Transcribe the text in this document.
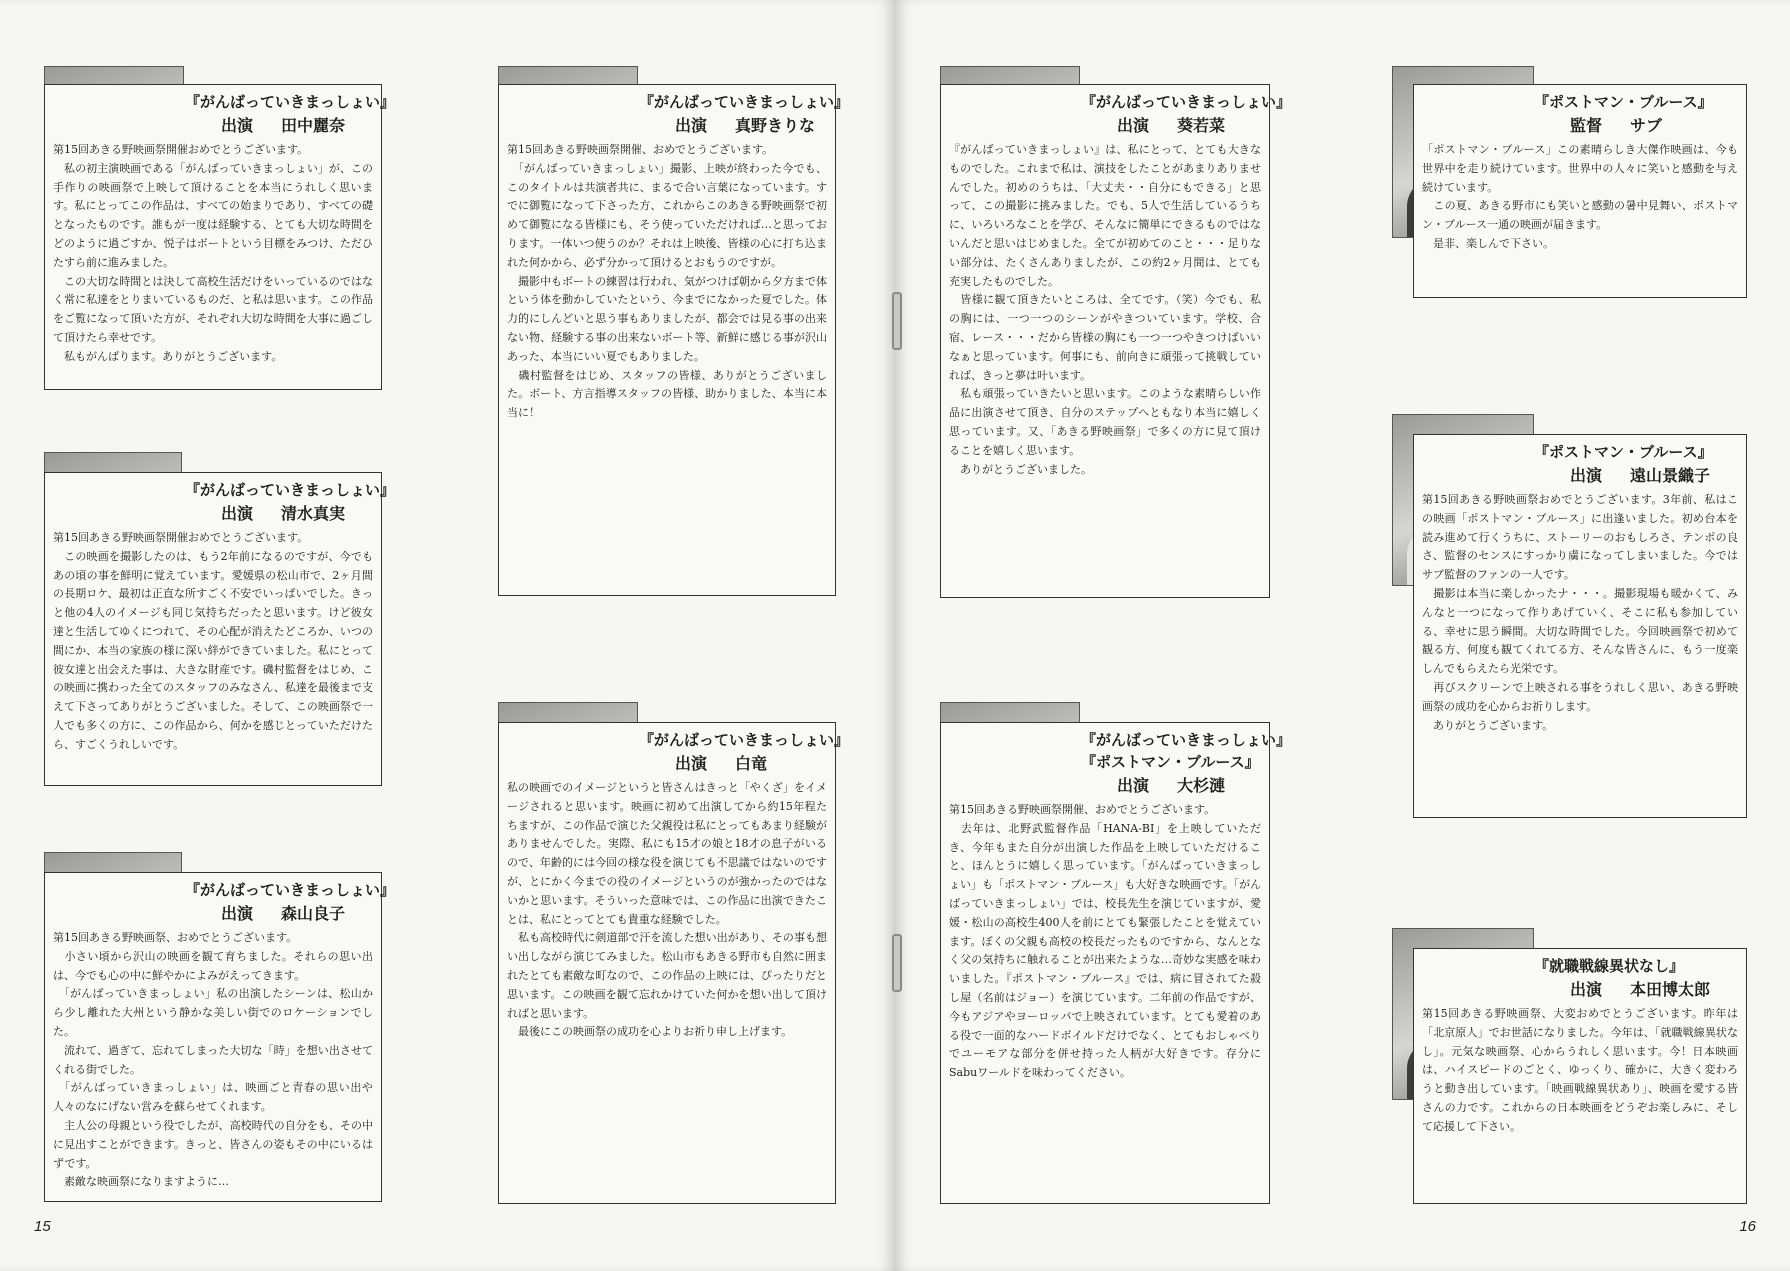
『がんばっていきまっしょい』
出演 田中麗奈
第15回あきる野映画祭開催おめでとうございます。
　私の初主演映画である「がんばっていきまっしょい」が、この手作りの映画祭で上映して頂けることを本当にうれしく思います。私にとってこの作品は、すべての始まりであり、すべての礎となったものです。誰もが一度は経験する、とても大切な時間をどのように過ごすか、悦子はボートという目標をみつけ、ただひたすら前に進みました。
　この大切な時間とは決して高校生活だけをいっているのではなく常に私達をとりまいているものだ、と私は思います。この作品をご覧になって頂いた方が、それぞれ大切な時間を大事に過ごして頂けたら幸せです。
　私もがんばります。ありがとうございます。
『がんばっていきまっしょい』
出演 清水真実
第15回あきる野映画祭開催おめでとうございます。
　この映画を撮影したのは、もう2年前になるのですが、今でもあの頃の事を鮮明に覚えています。愛媛県の松山市で、2ヶ月間の長期ロケ、最初は正直な所すごく不安でいっぱいでした。きっと他の4人のイメージも同じ気持ちだったと思います。けど彼女達と生活してゆくにつれて、その心配が消えたどころか、いつの間にか、本当の家族の様に深い絆ができていました。私にとって彼女達と出会えた事は、大きな財産です。磯村監督をはじめ、この映画に携わった全てのスタッフのみなさん、私達を最後まで支えて下さってありがとうございました。そして、この映画祭で一人でも多くの方に、この作品から、何かを感じとっていただけたら、すごくうれしいです。
『がんばっていきまっしょい』
出演 森山良子
第15回あきる野映画祭、おめでとうございます。
　小さい頃から沢山の映画を観て育ちました。それらの思い出は、今でも心の中に鮮やかによみがえってきます。
　「がんばっていきまっしょい」私の出演したシーンは、松山から少し離れた大州という静かな美しい街でのロケーションでした。
　流れて、過ぎて、忘れてしまった大切な「時」を想い出させてくれる街でした。
　「がんばっていきまっしょい」は、映画ごと青春の思い出や人々のなにげない営みを蘇らせてくれます。
　主人公の母親という役でしたが、高校時代の自分をも、その中に見出すことができます。きっと、皆さんの姿もその中にいるはずです。
　素敵な映画祭になりますように…
『がんばっていきまっしょい』
出演 真野きりな
第15回あきる野映画祭開催、おめでとうございます。
　「がんばっていきまっしょい」撮影、上映が終わった今でも、このタイトルは共演者共に、まるで合い言葉になっています。すでに御覧になって下さった方、これからこのあきる野映画祭で初めて御覧になる皆様にも、そう使っていただければ…と思っております。一体いつ使うのか？それは上映後、皆様の心に打ち込まれた何かから、必ず分かって頂けるとおもうのですが。
　撮影中もボートの練習は行われ、気がつけば朝から夕方まで体という体を動かしていたという、今までになかった夏でした。体力的にしんどいと思う事もありましたが、都会では見る事の出来ない物、経験する事の出来ないボート等、新鮮に感じる事が沢山あった、本当にいい夏でもありました。
　磯村監督をはじめ、スタッフの皆様、ありがとうございました。ボート、方言指導スタッフの皆様、助かりました、本当に本当に！
『がんばっていきまっしょい』
出演 白竜
私の映画でのイメージというと皆さんはきっと「やくざ」をイメージされると思います。映画に初めて出演してから約15年程たちますが、この作品で演じた父親役は私にとってもあまり経験がありませんでした。実際、私にも15才の娘と18才の息子がいるので、年齢的には今回の様な役を演じても不思議ではないのですが、とにかく今までの役のイメージというのが強かったのではないかと思います。そういった意味では、この作品に出演できたことは、私にとってとても貴重な経験でした。
　私も高校時代に剣道部で汗を流した想い出があり、その事も想い出しながら演じてみました。松山市もあきる野市も自然に囲まれたとても素敵な町なので、この作品の上映には、ぴったりだと思います。この映画を観て忘れかけていた何かを想い出して頂ければと思います。
　最後にこの映画祭の成功を心よりお祈り申し上げます。
15
『がんばっていきまっしょい』
出演 葵若菜
『がんばっていきまっしょい』は、私にとって、とても大きなものでした。これまで私は、演技をしたことがあまりありませんでした。初めのうちは、「大丈夫・・自分にもできる」と思って、この撮影に挑みました。でも、5人で生活しているうちに、いろいろなことを学び、そんなに簡単にできるものではないんだと思いはじめました。全てが初めてのこと・・・足りない部分は、たくさんありましたが、この約2ヶ月間は、とても充実したものでした。
　皆様に観て頂きたいところは、全てです。（笑）今でも、私の胸には、一つ一つのシーンがやきついています。学校、合宿、レース・・・だから皆様の胸にも一つ一つやきつけばいいなぁと思っています。何事にも、前向きに頑張って挑戦していれば、きっと夢は叶います。
　私も頑張っていきたいと思います。このような素晴らしい作品に出演させて頂き、自分のステップへともなり本当に嬉しく思っています。又、「あきる野映画祭」で多くの方に見て頂けることを嬉しく思います。
　ありがとうございました。
『がんばっていきまっしょい』
『ポストマン・ブルース』
出演 大杉漣
第15回あきる野映画祭開催、おめでとうございます。
　去年は、北野武監督作品「HANA-BI」を上映していただき、今年もまた自分が出演した作品を上映していただけること、ほんとうに嬉しく思っています。「がんばっていきまっしょい」も「ポストマン・ブルース」も大好きな映画です。「がんばっていきまっしょい」では、校長先生を演じていますが、愛媛・松山の高校生400人を前にとても緊張したことを覚えています。ぼくの父親も高校の校長だったものですから、なんとなく父の気持ちに触れることが出来たような…奇妙な実感を味わいました。『ポストマン・ブルース』では、病に冒されてた殺し屋（名前はジョー）を演じています。二年前の作品ですが、今もアジアやヨーロッパで上映されています。とても愛着のある役で一面的なハードボイルドだけでなく、とてもおしゃべりでユーモアな部分を併せ持った人柄が大好きです。存分にSabuワールドを味わってください。
『ポストマン・ブルース』
監督 サブ
「ポストマン・ブルース」この素晴らしき大傑作映画は、今も世界中を走り続けています。世界中の人々に笑いと感動を与え続けています。
　この夏、あきる野市にも笑いと感動の暑中見舞い、ポストマン・ブルース一通の映画が届きます。
　是非、楽しんで下さい。
『ポストマン・ブルース』
出演 遠山景織子
第15回あきる野映画祭おめでとうございます。3年前、私はこの映画「ポストマン・ブルース」に出逢いました。初め台本を読み進めて行くうちに、ストーリーのおもしろさ、テンポの良さ、監督のセンスにすっかり虜になってしまいました。今ではサブ監督のファンの一人です。
　撮影は本当に楽しかったナ・・・。撮影現場も暖かくて、みんなと一つになって作りあげていく、そこに私も参加している、幸せに思う瞬間。大切な時間でした。今回映画祭で初めて観る方、何度も観てくれてる方、そんな皆さんに、もう一度楽しんでもらえたら光栄です。
　再びスクリーンで上映される事をうれしく思い、あきる野映画祭の成功を心からお祈りします。
　ありがとうございます。
『就職戦線異状なし』
出演 本田博太郎
第15回あきる野映画祭、大変おめでとうございます。昨年は「北京原人」でお世話になりました。今年は、「就職戦線異状なし」。元気な映画祭、心からうれしく思います。今！日本映画は、ハイスピードのごとく、ゆっくり、確かに、大きく変わろうと動き出しています。「映画戦線異状あり」、映画を愛する皆さんの力です。これからの日本映画をどうぞお楽しみに、そして応援して下さい。
16
